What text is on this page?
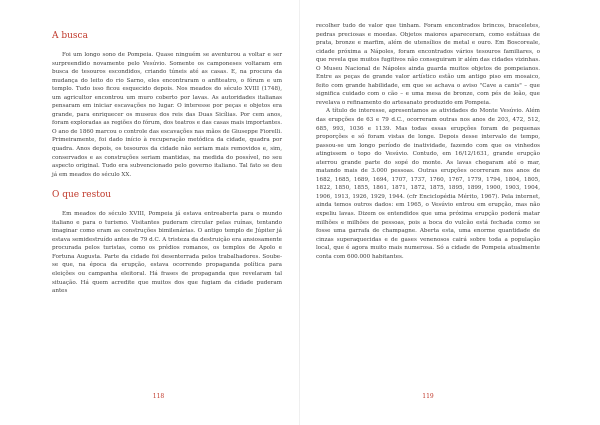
A busca

Foi um longo sono de Pompeia. Quase ninguém se aventurou a voltar e ser surpreendido novamente pelo Vesúvio. Somente os camponeses voltaram em busca de tesouros escondidos, criando túneis até as casas. E, na procura da mudança do leito do rio Sarno, eles encontraram o anfiteatro, o fórum e um templo. Tudo isso ficou esquecido depois. Nos meados do século XVIII (1748), um agricultor encontrou um muro coberto por lavas. As autoridades italianas pensaram em iniciar escavações no lugar. O interesse por peças e objetos era grande, para enriquecer os museus dos reis das Duas Sicílias. Por cem anos, foram exploradas as regiões do fórum, dos teatros e das casas mais importantes. O ano de 1860 marcou o controle das escavações nas mãos de Giuseppe Fiorelli. Primeiramente, foi dado início à recuperação metódica da cidade, quadra por quadra. Anos depois, os tesouros da cidade não seriam mais removidos e, sim, conservados e as construções seriam mantidas, na medida do possível, no seu aspecto original. Tudo era subvencionado pelo governo italiano. Tal fato se deu já em meados do século XX.

O que restou

Em meados do século XVIII, Pompeia já estava entreaberta para o mundo italiano e para o turismo. Visitantes puderam circular pelas ruínas, tentando imaginar como eram as construções bimilenárias. O antigo templo de Júpiter já estava semidestruído antes de 79 d.C. A tristeza da destruição era ansiosamente procurada pelos turistas, como os prédios romanos, os templos de Apolo e Fortuna Augusta. Parte da cidade foi desenterrada pelos trabalhadores. Soube-se que, na época da erupção, estava ocorrendo propaganda política para eleições ou campanha eleitoral. Há frases de propaganda que revelaram tal situação. Há quem acredite que muitos dos que fugiam da cidade puderam antes

118

recolher tudo de valor que tinham. Foram encontrados brincos, braceletes, pedras preciosas e moedas. Objetos maiores apareceram, como estátuas de prata, bronze e marfim, além de utensílios de metal e ouro. Em Boscoreale, cidade próxima a Nápoles, foram encontrados vários tesouros familiares, o que revela que muitos fugitivos não conseguiram ir além das cidades vizinhas. O Museu Nacional de Nápoles ainda guarda muitos objetos de pompeianos. Entre as peças de grande valor artístico estão um antigo piso em mosaico, feito com grande habilidade, em que se achava o aviso "Cave a canis" – que significa cuidado com o cão – e uma mesa de bronze, com pés de leão, que revelava o refinamento do artesanato produzido em Pompeia.

A título de interesse, apresentamos as atividades do Monte Vesúvio. Além das erupções de 63 e 79 d.C., ocorreram outras nos anos de 203, 472, 512, 685, 993, 1036 e 1139. Mas todas essas erupções foram de pequenas proporções e só foram vistas de longe. Depois desse intervalo de tempo, passou-se um longo período de inatividade, fazendo com que os vinhedos atingissem o topo do Vesúvio. Contudo, em 16/12/1631, grande erupção aterrou grande parte do sopé do monte. As lavas chegaram até o mar, matando mais de 3.000 pessoas. Outras erupções ocorreram nos anos de 1682, 1685, 1689, 1694, 1707, 1737, 1760, 1767, 1779, 1794, 1804, 1805, 1822, 1850, 1855, 1861, 1871, 1872, 1875, 1895, 1899, 1900, 1903, 1904, 1906, 1913, 1926, 1929, 1944. (cfr Enciclopédia Mérito, 1967). Pela internet, ainda temos outros dados: em 1965, o Vesúvio entrou em erupção, mas não expeliu lavas. Dizem os entendidos que uma próxima erupção poderá matar milhões e milhões de pessoas, pois a boca do vulcão está fechada como se fosse uma garrafa de champagne. Aberta esta, uma enorme quantidade de cinzas superaquecidas e de gases venenosos cairá sobre toda a população local, que é agora muito mais numerosa. Só a cidade de Pompeia atualmente conta com 600.000 habitantes.

119
